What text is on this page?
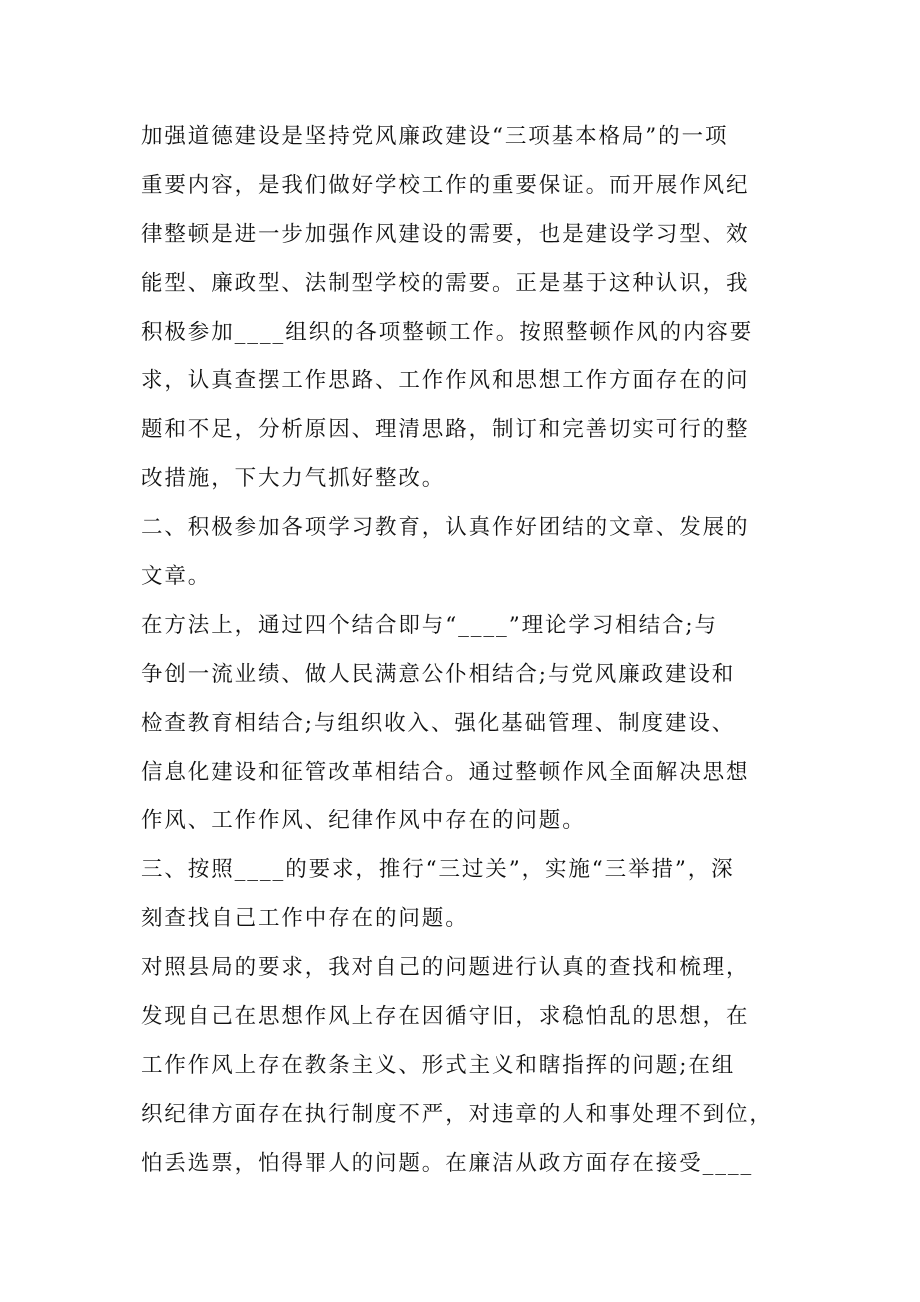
加强道德建设是坚持党风廉政建设“三项基本格局”的一项
重要内容，是我们做好学校工作的重要保证。而开展作风纪
律整顿是进一步加强作风建设的需要，也是建设学习型、效
能型、廉政型、法制型学校的需要。正是基于这种认识，我
积极参加____组织的各项整顿工作。按照整顿作风的内容要
求，认真查摆工作思路、工作作风和思想工作方面存在的问
题和不足，分析原因、理清思路，制订和完善切实可行的整
改措施，下大力气抓好整改。
二、积极参加各项学习教育，认真作好团结的文章、发展的
文章。
在方法上，通过四个结合即与“____”理论学习相结合;与
争创一流业绩、做人民满意公仆相结合;与党风廉政建设和
检查教育相结合;与组织收入、强化基础管理、制度建设、
信息化建设和征管改革相结合。通过整顿作风全面解决思想
作风、工作作风、纪律作风中存在的问题。
三、按照____的要求，推行“三过关”，实施“三举措”，深
刻查找自己工作中存在的问题。
对照县局的要求，我对自己的问题进行认真的查找和梳理，
发现自己在思想作风上存在因循守旧，求稳怕乱的思想，在
工作作风上存在教条主义、形式主义和瞎指挥的问题;在组
织纪律方面存在执行制度不严，对违章的人和事处理不到位，
怕丢选票，怕得罪人的问题。在廉洁从政方面存在接受____
